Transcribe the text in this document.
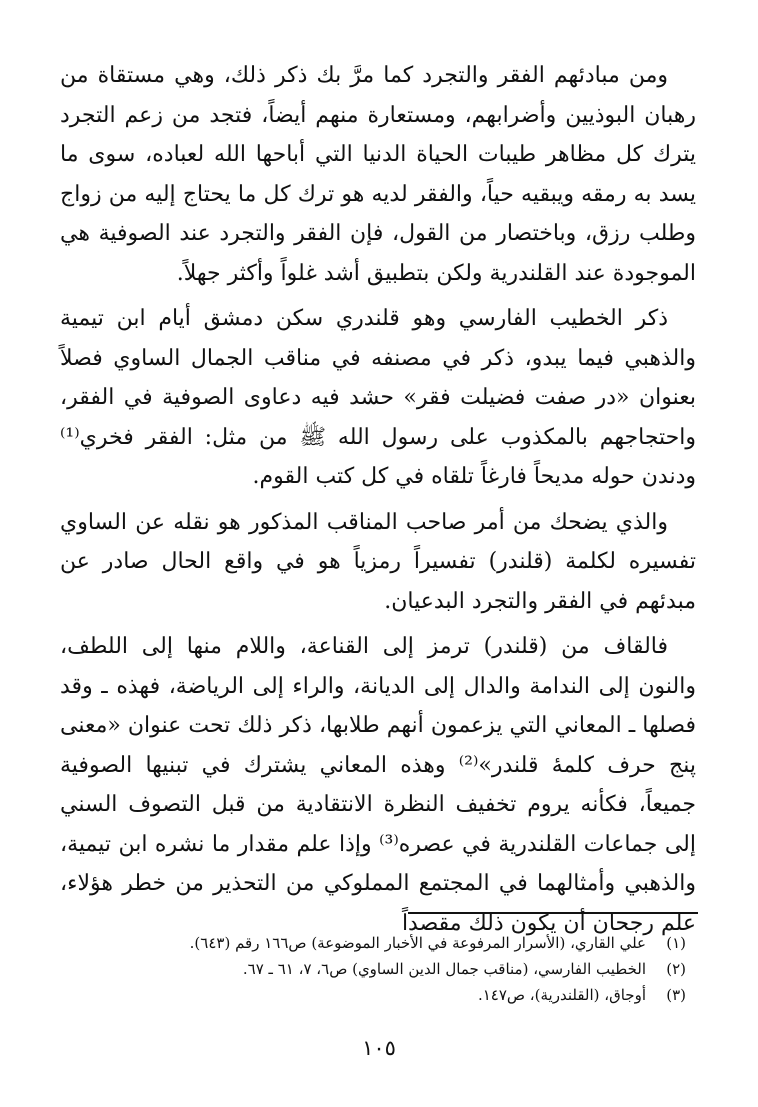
ومن مبادئهم الفقر والتجرد كما مرَّ بك ذكر ذلك، وهي مستقاة من رهبان البوذيين وأضرابهم، ومستعارة منهم أيضاً، فتجد من زعم التجرد يترك كل مظاهر طيبات الحياة الدنيا التي أباحها الله لعباده، سوى ما يسد به رمقه ويبقيه حياً، والفقر لديه هو ترك كل ما يحتاج إليه من زواج وطلب رزق، وباختصار من القول، فإن الفقر والتجرد عند الصوفية هي الموجودة عند القلندرية ولكن بتطبيق أشد غلواً وأكثر جهلاً.

ذكر الخطيب الفارسي وهو قلندري سكن دمشق أيام ابن تيمية والذهبي فيما يبدو، ذكر في مصنفه في مناقب الجمال الساوي فصلاً بعنوان «در صفت فضيلت فقر» حشد فيه دعاوى الصوفية في الفقر، واحتجاجهم بالمكذوب على رسول الله ﷺ من مثل: الفقر فخري⁽¹⁾ ودندن حوله مديحاً فارغاً تلقاه في كل كتب القوم.

والذي يضحك من أمر صاحب المناقب المذكور هو نقله عن الساوي تفسيره لكلمة (قلندر) تفسيراً رمزياً هو في واقع الحال صادر عن مبدئهم في الفقر والتجرد البدعيان.

فالقاف من (قلندر) ترمز إلى القناعة، واللام منها إلى اللطف، والنون إلى الندامة والدال إلى الديانة، والراء إلى الرياضة، فهذه ـ وقد فصلها ـ المعاني التي يزعمون أنهم طلابها، ذكر ذلك تحت عنوان «معنى پنج حرف كلمهٔ قلندر»⁽²⁾ وهذه المعاني يشترك في تبنيها الصوفية جميعاً، فكأنه يروم تخفيف النظرة الانتقادية من قبل التصوف السني إلى جماعات القلندرية في عصره⁽³⁾ وإذا علم مقدار ما نشره ابن تيمية، والذهبي وأمثالهما في المجتمع المملوكي من التحذير من خطر هؤلاء، علم رجحان أن يكون ذلك مقصداً

(١)
علي القاري، (الأسرار المرفوعة في الأخبار الموضوعة) ص١٦٦ رقم (٦٤٣).
(٢)
الخطيب الفارسي، (مناقب جمال الدين الساوي) ص٦، ٧، ٦١ ـ ٦٧.
(٣)
أوجاق، (القلندرية)، ص١٤٧.
١٠٥
